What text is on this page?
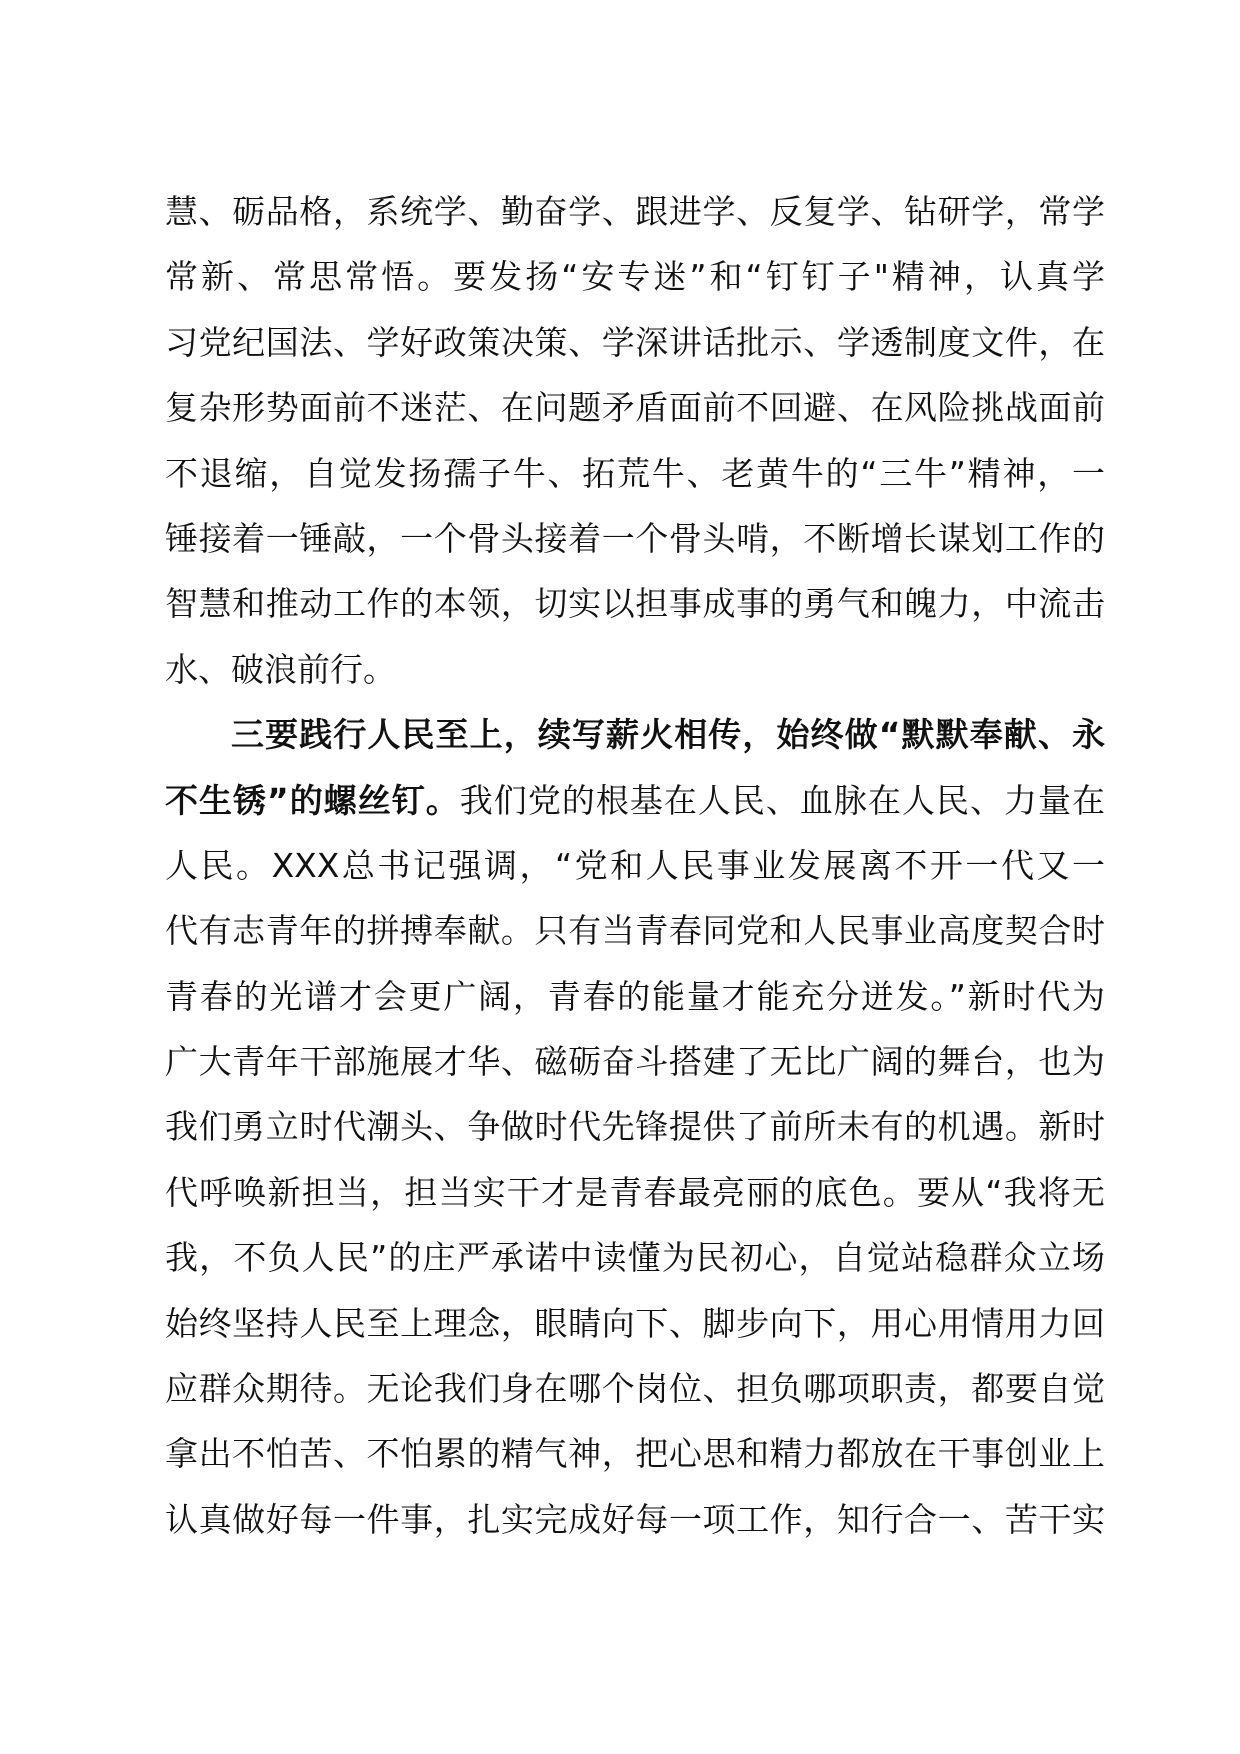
慧、砺品格，系统学、勤奋学、跟进学、反复学、钻研学，常学
常新、常思常悟。要发扬“安专迷”和“钉钉子"精神，认真学
习党纪国法、学好政策决策、学深讲话批示、学透制度文件，在
复杂形势面前不迷茫、在问题矛盾面前不回避、在风险挑战面前
不退缩，自觉发扬孺子牛、拓荒牛、老黄牛的“三牛”精神，一
锤接着一锤敲，一个骨头接着一个骨头啃，不断增长谋划工作的
智慧和推动工作的本领，切实以担事成事的勇气和魄力，中流击
水、破浪前行。
三要践行人民至上，续写薪火相传，始终做“默默奉献、永
不生锈”的螺丝钉。我们党的根基在人民、血脉在人民、力量在
人民。XXX总书记强调，“党和人民事业发展离不开一代又一
代有志青年的拼搏奉献。只有当青春同党和人民事业高度契合时
青春的光谱才会更广阔，青春的能量才能充分迸发。”新时代为
广大青年干部施展才华、磁砺奋斗搭建了无比广阔的舞台，也为
我们勇立时代潮头、争做时代先锋提供了前所未有的机遇。新时
代呼唤新担当，担当实干才是青春最亮丽的底色。要从“我将无
我，不负人民”的庄严承诺中读懂为民初心，自觉站稳群众立场
始终坚持人民至上理念，眼睛向下、脚步向下，用心用情用力回
应群众期待。无论我们身在哪个岗位、担负哪项职责，都要自觉
拿出不怕苦、不怕累的精气神，把心思和精力都放在干事创业上
认真做好每一件事，扎实完成好每一项工作，知行合一、苦干实
